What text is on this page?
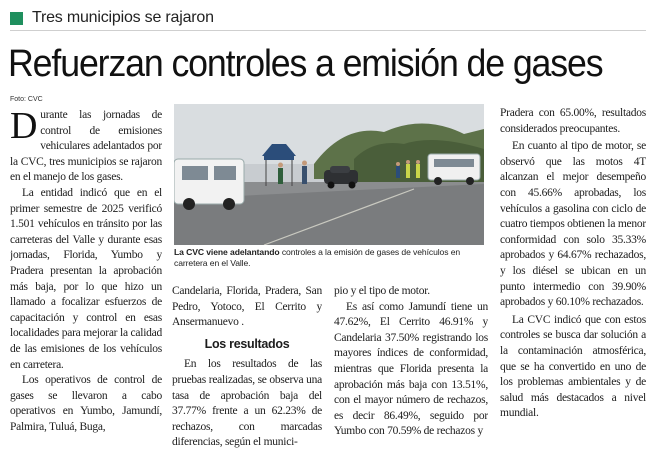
Tres municipios se rajaron
Refuerzan controles a emisión de gases
Foto: CVC

Durante las jornadas de control de emisiones vehiculares adelantados por la CVC, tres municipios se rajaron en el manejo de los gases.

La entidad indicó que en el primer semestre de 2025 verificó 1.501 vehículos en tránsito por las carreteras del Valle y durante esas jornadas, Florida, Yumbo y Pradera presentan la aprobación más baja, por lo que hizo un llamado a focalizar esfuerzos de capacitación y control en esas localidades para mejorar la calidad de las emisiones de los vehículos en carretera.

Los operativos de control de gases se llevaron a cabo operativos en Yumbo, Jamundí, Palmira, Tuluá, Buga,

La CVC viene adelantando controles a la emisión de gases de vehículos en carretera en el Valle.

Candelaria, Florida, Pradera, San Pedro, Yotoco, El Cerrito y Ansermanuevo .

Los resultados

En los resultados de las pruebas realizadas, se observa una tasa de aprobación baja del 37.77% frente a un 62.23% de rechazos, con marcadas diferencias, según el munici-

pio y el tipo de motor.

Es así como Jamundí tiene un 47.62%, El Cerrito 46.91% y Candelaria 37.50% registrando los mayores índices de conformidad, mientras que Florida presenta la aprobación más baja con 13.51%, con el mayor número de rechazos, es decir 86.49%, seguido por Yumbo con 70.59% de rechazos y

Pradera con 65.00%, resultados considerados preocupantes.

En cuanto al tipo de motor, se observó que las motos 4T alcanzan el mejor desempeño con 45.66% aprobadas, los vehículos a gasolina con ciclo de cuatro tiempos obtienen la menor conformidad con solo 35.33% aprobados y 64.67% rechazados, y los diésel se ubican en un punto intermedio con 39.90% aprobados y 60.10% rechazados.

La CVC indicó que con estos controles se busca dar solución a la contaminación atmosférica, que se ha convertido en uno de los problemas ambientales y de salud más destacados a nivel mundial.
